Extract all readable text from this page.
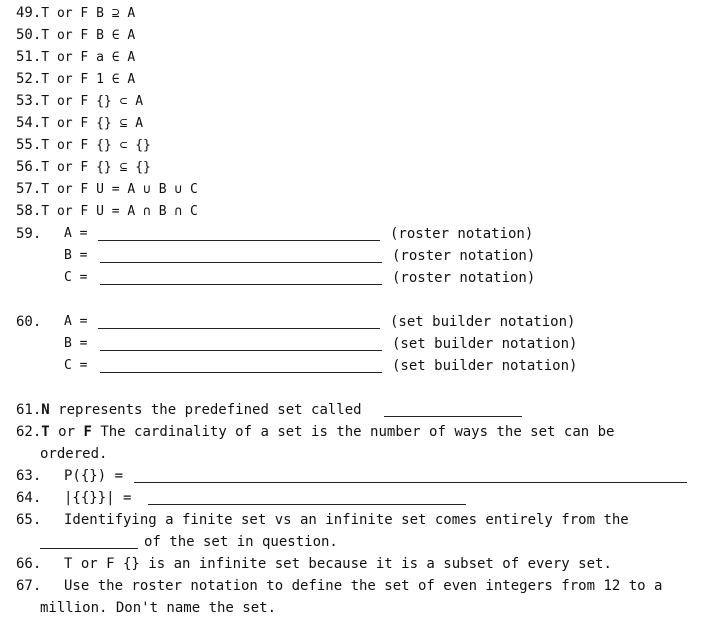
49.T or F B ⊇ A
50.T or F B ∈ A
51.T or F a ∈ A
52.T or F 1 ∈ A
53.T or F {} ⊂ A
54.T or F {} ⊆ A
55.T or F {} ⊂ {}
56.T or F {} ⊆ {}
57.T or F U = A ∪ B ∪ C
58.T or F U = A ∩ B ∩ C
59. A =	(roster notation)
B =	(roster notation)
C =	(roster notation)
60. A =	(set builder notation)
B =	(set builder notation)
C =	(set builder notation)
61.N represents the predefined set called
62.T or F The cardinality of a set is the number of ways the set can be
ordered.
63. P({}) =
64. |{{}}| =
65. Identifying a finite set vs an infinite set comes entirely from the
of the set in question.
66. T or F {} is an infinite set because it is a subset of every set.
67. Use the roster notation to define the set of even integers from 12 to a
million. Don't name the set.
